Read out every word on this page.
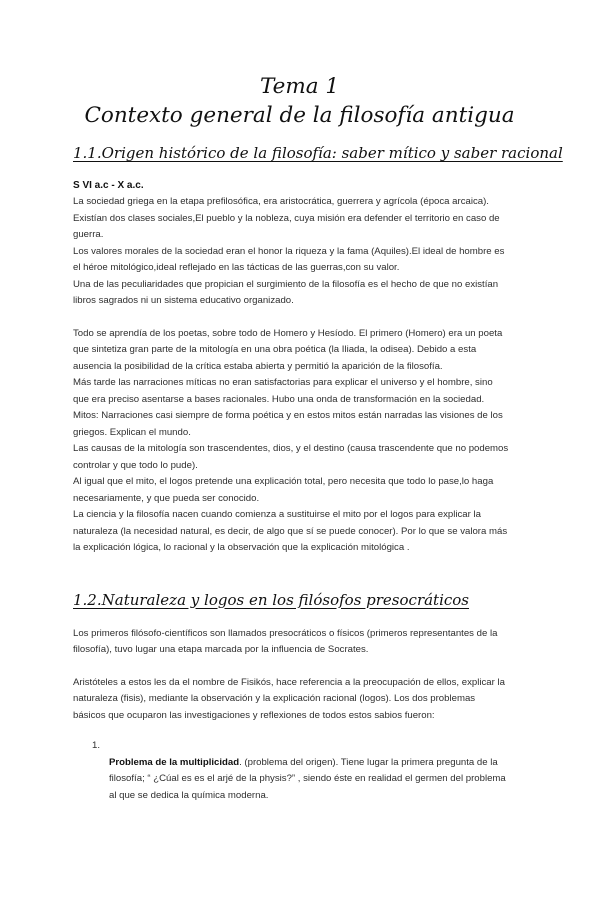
Tema 1
Contexto general de la filosofía antigua
1.1.Origen histórico de la filosofía: saber mítico y saber racional
S VI a.c - X a.c.

La sociedad griega en la etapa prefilosófica, era aristocrática, guerrera y agrícola (época arcaica).
Existían dos clases sociales,El pueblo y la nobleza, cuya misión era defender el territorio en caso de
guerra.
Los valores morales de la sociedad eran el honor la riqueza y la fama (Aquiles).El ideal de hombre es
el héroe mitológico,ideal reflejado en las tácticas de las guerras,con su valor.
Una de las peculiaridades que propician el surgimiento de la filosofía es el hecho de que no existían
libros sagrados ni un sistema educativo organizado.

Todo se aprendía de los poetas, sobre todo de Homero y Hesíodo. El primero (Homero) era un poeta
que sintetiza gran parte de la mitología en una obra poética (la Iliada, la odisea). Debido a esta
ausencia la posibilidad de la crítica estaba abierta y permitió la aparición de la filosofía.
Más tarde las narraciones míticas no eran satisfactorias para explicar el universo y el hombre, sino
que era preciso asentarse a bases racionales. Hubo una onda de transformación en la sociedad.
Mitos: Narraciones casi siempre de forma poética y en estos mitos están narradas las visiones de los
griegos. Explican el mundo.
Las causas de la mitología son trascendentes, dios, y el destino (causa trascendente que no podemos
controlar y que todo lo pude).
Al igual que el mito, el logos pretende una explicación total, pero necesita que todo lo pase,lo haga
necesariamente, y que pueda ser conocido.
La ciencia y la filosofía nacen cuando comienza a sustituirse el mito por el logos para explicar la
naturaleza (la necesidad natural, es decir, de algo que sí se puede conocer). Por lo que se valora más
la explicación lógica, lo racional y la observación que la explicación mitológica .

1.2.Naturaleza y logos en los filósofos presocráticos

Los primeros filósofo-científicos son llamados presocráticos o físicos (primeros representantes de la
filosofía), tuvo lugar una etapa marcada por la influencia de Socrates.

Aristóteles a estos les da el nombre de Fisikós, hace referencia a la preocupación de ellos, explicar la
naturaleza (fisis), mediante la observación y la explicación racional (logos). Los dos problemas
básicos que ocuparon las investigaciones y reflexiones de todos estos sabios fueron:

1.
Problema de la multiplicidad. (problema del origen). Tiene lugar la primera pregunta de la
filosofía; “ ¿Cúal es es el arjé de la physis?” , siendo éste en realidad el germen del problema
al que se dedica la química moderna.
